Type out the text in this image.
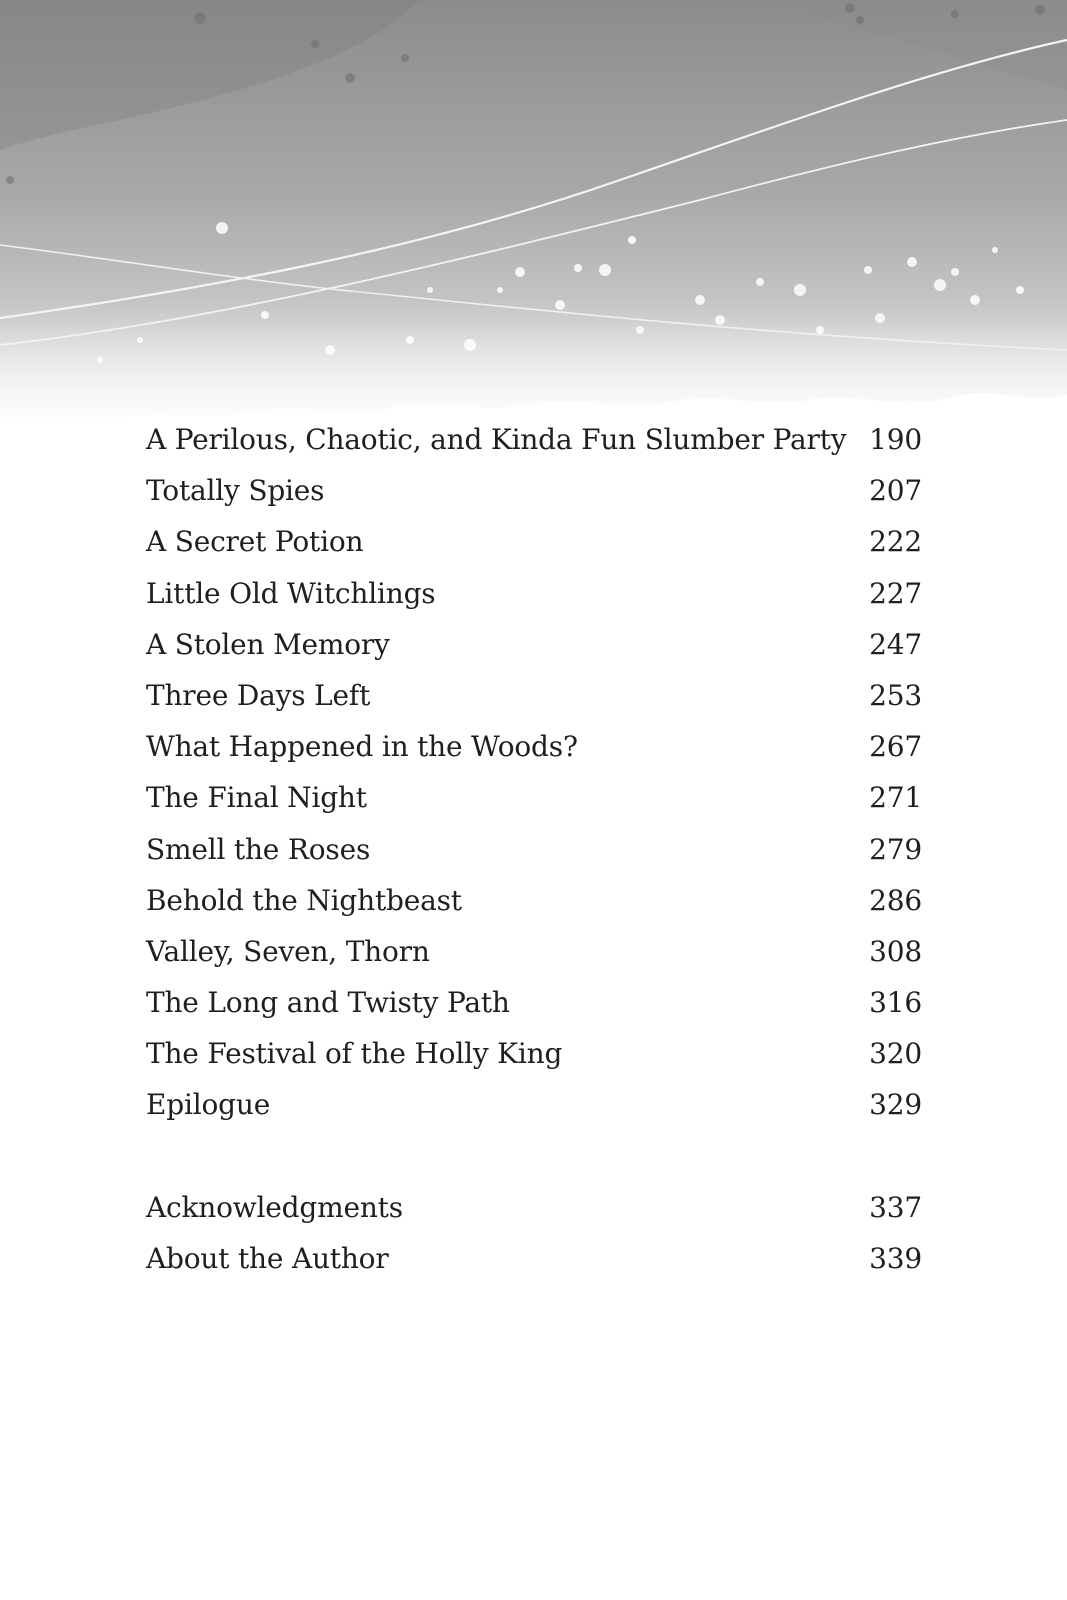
A Perilous, Chaotic, and Kinda Fun Slumber Party 190
Totally Spies	207
A Secret Potion	222
Little Old Witchlings	227
A Stolen Memory	247
Three Days Left	253
What Happened in the Woods?	267
The Final Night	271
Smell the Roses	279
Behold the Nightbeast	286
Valley, Seven, Thorn	308
The Long and Twisty Path	316
The Festival of the Holly King	320
Epilogue	329
Acknowledgments	337
About the Author	339
